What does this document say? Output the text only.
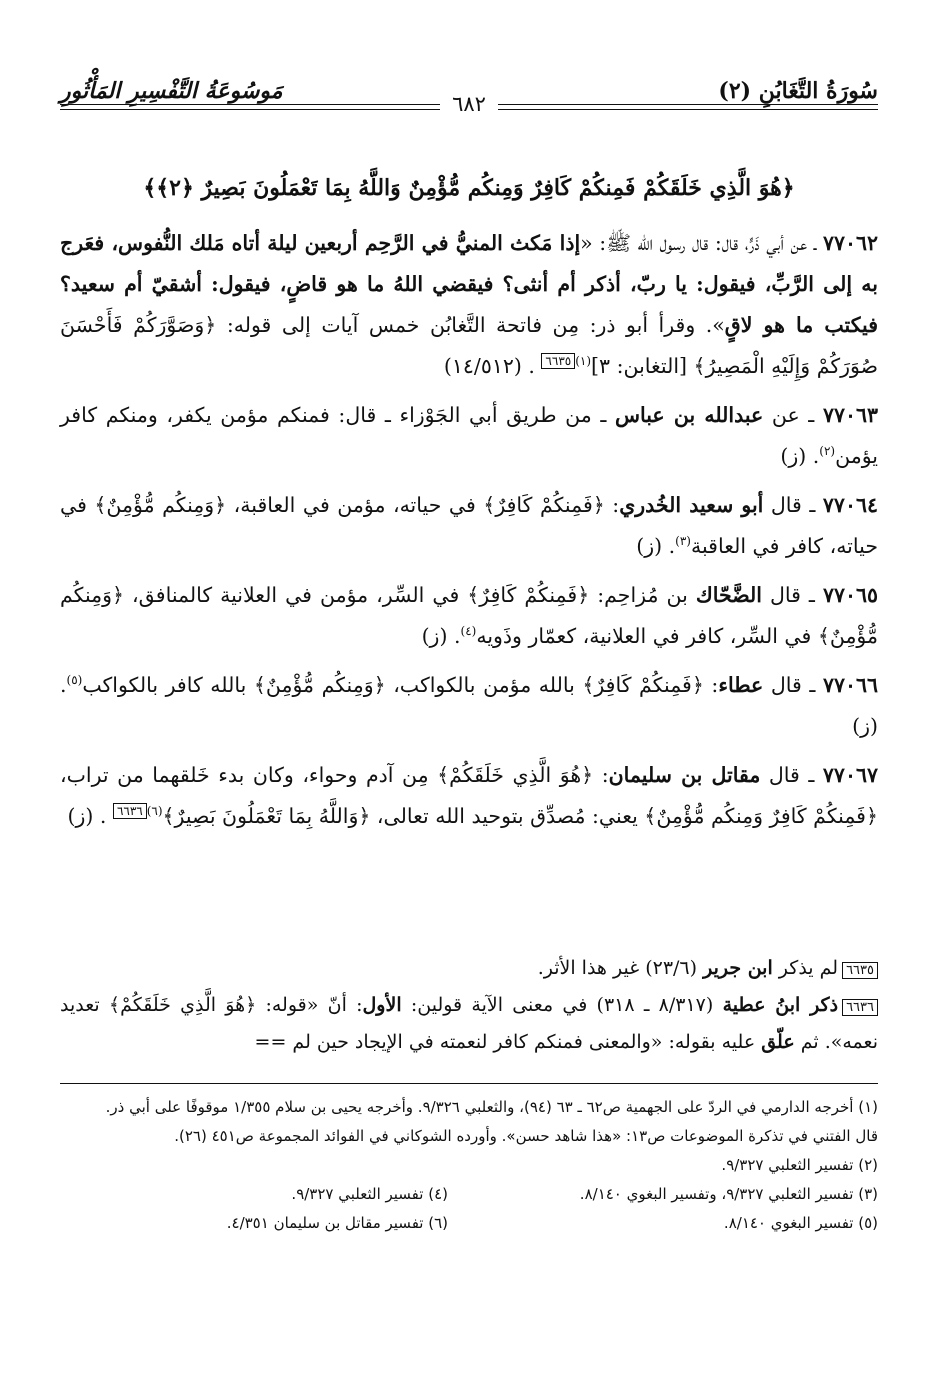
سُورَةُ التَّغَابُنِ (٢)
مَوسُوعَةُ التَّفْسِيرِ المَأْثُورِ	٦٨٢
﴿هُوَ الَّذِي خَلَقَكُمْ فَمِنكُمْ كَافِرٌ وَمِنكُم مُّؤْمِنٌ وَاللَّهُ بِمَا تَعْمَلُونَ بَصِيرٌ ﴿٢﴾﴾
٧٧٠٦٢ ـ عن أبي ذَرٍّ، قال: قال رسول الله ﷺ: «إذا مَكث المنيُّ في الرَّحِم أربعين ليلة أتاه مَلك النُّفوس، فعَرج به إلى الرَّبِّ، فيقول: يا ربّ، أذكر أم أنثى؟ فيقضي اللهُ ما هو قاضٍ، فيقول: أشقيّ أم سعيد؟ فيكتب ما هو لاقٍ». وقرأ أبو ذر: مِن فاتحة التَّغابُن خمس آيات إلى قوله: ﴿وَصَوَّرَكُمْ فَأَحْسَنَ صُوَرَكُمْ وَإِلَيْهِ الْمَصِيرُ﴾ [التغابن: ٣]$^{(١)}$٦٦٣٥ . (١٤/٥١٢)
٧٧٠٦٣ ـ عن عبدالله بن عباس ـ من طريق أبي الجَوْزاء ـ قال: فمنكم مؤمن يكفر، ومنكم كافر يؤمن$^{(٢)}$. (ز)
٧٧٠٦٤ ـ قال أبو سعيد الخُدري: ﴿فَمِنكُمْ كَافِرٌ﴾ في حياته، مؤمن في العاقبة، ﴿وَمِنكُم مُّؤْمِنٌ﴾ في حياته، كافر في العاقبة$^{(٣)}$. (ز)
٧٧٠٦٥ ـ قال الضَّحّاك بن مُزاحِم: ﴿فَمِنكُمْ كَافِرٌ﴾ في السِّر، مؤمن في العلانية كالمنافق، ﴿وَمِنكُم مُّؤْمِنٌ﴾ في السِّر، كافر في العلانية، كعمّار وذَويه$^{(٤)}$. (ز)
٧٧٠٦٦ ـ قال عطاء: ﴿فَمِنكُمْ كَافِرٌ﴾ بالله مؤمن بالكواكب، ﴿وَمِنكُم مُّؤْمِنٌ﴾ بالله كافر بالكواكب$^{(٥)}$. (ز)
٧٧٠٦٧ ـ قال مقاتل بن سليمان: ﴿هُوَ الَّذِي خَلَقَكُمْ﴾ مِن آدم وحواء، وكان بدء خَلقهما من تراب، ﴿فَمِنكُمْ كَافِرٌ وَمِنكُم مُّؤْمِنٌ﴾ يعني: مُصدِّق بتوحيد الله تعالى، ﴿وَاللَّهُ بِمَا تَعْمَلُونَ بَصِيرٌ﴾$^{(٦)}$٦٦٣٦ . (ز)
٦٦٣٥لم يذكر ابن جرير (٢٣/٦) غير هذا الأثر.
٦٦٣٦ذكر ابنُ عطية (٨/٣١٧ ـ ٣١٨) في معنى الآية قولين: الأول: أنّ «قوله: ﴿هُوَ الَّذِي خَلَقَكُمْ﴾ تعديد نعمه». ثم علّق عليه بقوله: «والمعنى فمنكم كافر لنعمته في الإيجاد حين لم ==
(١) أخرجه الدارمي في الردّ على الجهمية ص٦٢ ـ ٦٣ (٩٤)، والثعلبي ٩/٣٢٦. وأخرجه يحيى بن سلام ١/٣٥٥ موقوفًا على أبي ذر.
قال الفتني في تذكرة الموضوعات ص١٣: «هذا شاهد حسن». وأورده الشوكاني في الفوائد المجموعة ص٤٥١ (٢٦).
(٢) تفسير الثعلبي ٩/٣٢٧.
(٣) تفسير الثعلبي ٩/٣٢٧، وتفسير البغوي ٨/١٤٠.
(٤) تفسير الثعلبي ٩/٣٢٧.
(٥) تفسير البغوي ٨/١٤٠.
(٦) تفسير مقاتل بن سليمان ٤/٣٥١.
